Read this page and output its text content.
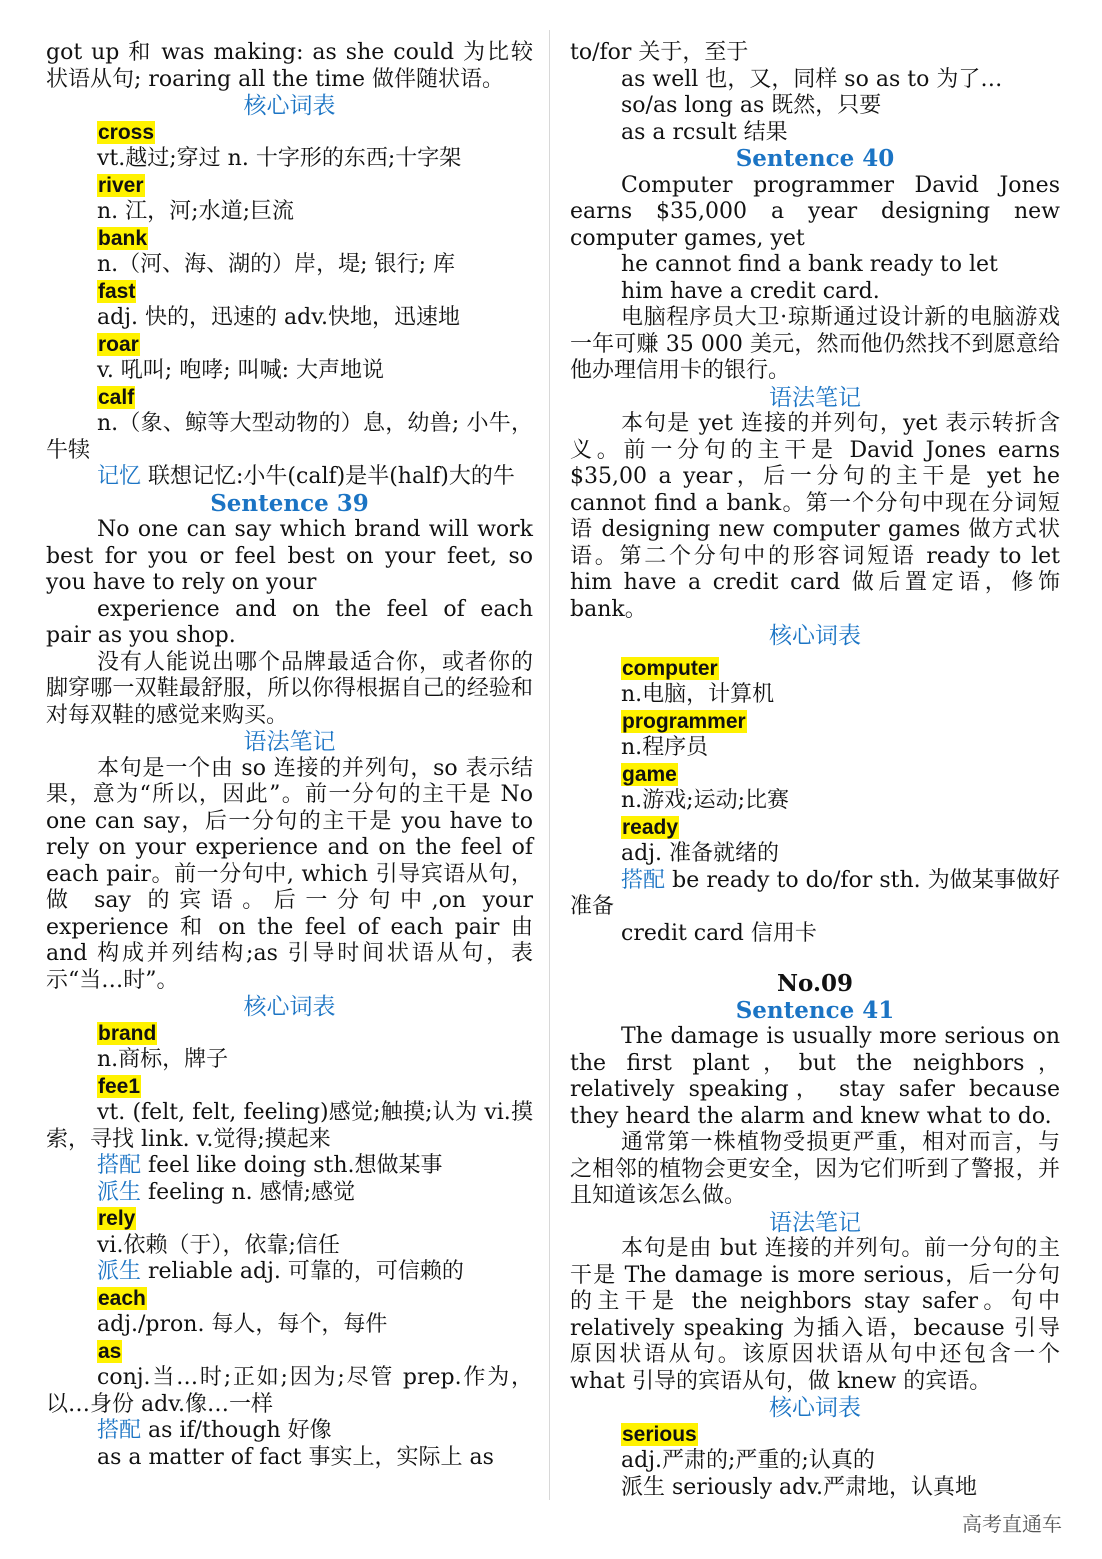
got up 和 was making: as she could 为比较状语从句; roaring all the time 做伴随状语。

核心词表

cross

vt.越过;穿过 n. 十字形的东西;十字架

river

n. 江，河;水道;巨流

bank

n.（河、海、湖的）岸，堤; 银行; 库

fast

adj. 快的，迅速的 adv.快地，迅速地

roar

v. 吼叫; 咆哮; 叫喊: 大声地说

calf

n.（象、鲸等大型动物的）息，幼兽; 小牛，牛犊

记忆 联想记忆:小牛(calf)是半(half)大的牛

Sentence 39

No one can say which brand will work best for you or feel best on your feet, so you have to rely on your

experience and on the feel of each pair as you shop.

没有人能说出哪个品牌最适合你，或者你的脚穿哪一双鞋最舒服，所以你得根据自己的经验和对每双鞋的感觉来购买。

语法笔记

本句是一个由 so 连接的并列句，so 表示结果，意为“所以，因此”。前一分句的主干是 No one can say，后一分句的主干是 you have to rely on your experience and on the feel of each pair。前一分句中, which 引导宾语从句，做 say 的宾语。后一分句中,on your experience 和 on the feel of each pair 由 and 构成并列结构;as 引导时间状语从句，表示“当…时”。

核心词表

brand

n.商标，牌子

fee1

vt. (felt, felt, feeling)感觉;触摸;认为 vi.摸索，寻找 link. v.觉得;摸起来

搭配 feel like doing sth.想做某事

派生 feeling n. 感情;感觉

rely

vi.依赖（于），依靠;信任

派生 reliable adj. 可靠的，可信赖的

each

adj./pron. 每人，每个，每件

as

conj.当…时;正如;因为;尽管 prep.作为，以…身份 adv.像…一样

搭配 as if/though 好像

as a matter of fact 事实上，实际上 as

to/for 关于，至于

as well 也，又，同样 so as to 为了…

so/as long as 既然，只要

as a rcsult 结果

Sentence 40

Computer programmer David Jones earns $35,000 a year designing new computer games, yet

he cannot find a bank ready to let

him have a credit card.

电脑程序员大卫·琼斯通过设计新的电脑游戏一年可赚 35 000 美元，然而他仍然找不到愿意给他办理信用卡的银行。

语法笔记

本句是 yet 连接的并列句，yet 表示转折含义。前一分句的主干是 David Jones earns $35,00 a year，后一分句的主干是 yet he cannot find a bank。第一个分句中现在分词短语 designing new computer games 做方式状语。第二个分句中的形容词短语 ready to let him have a credit card 做后置定语，修饰 bank。

核心词表

computer

n.电脑，计算机

programmer

n.程序员

game

n.游戏;运动;比赛

ready

adj. 准备就绪的

搭配 be ready to do/for sth. 为做某事做好准备

credit card 信用卡

No.09

Sentence 41

The damage is usually more serious on the first plant，but the neighbors， relatively speaking， stay safer because they heard the alarm and knew what to do.

通常第一株植物受损更严重，相对而言，与之相邻的植物会更安全，因为它们听到了警报，并且知道该怎么做。

语法笔记

本句是由 but 连接的并列句。前一分句的主干是 The damage is more serious，后一分句的主干是 the neighbors stay safer。句中 relatively speaking 为插入语，because 引导原因状语从句。该原因状语从句中还包含一个 what 引导的宾语从句，做 knew 的宾语。

核心词表

serious

adj.严肃的;严重的;认真的

派生 seriously adv.严肃地，认真地

高考直通车
